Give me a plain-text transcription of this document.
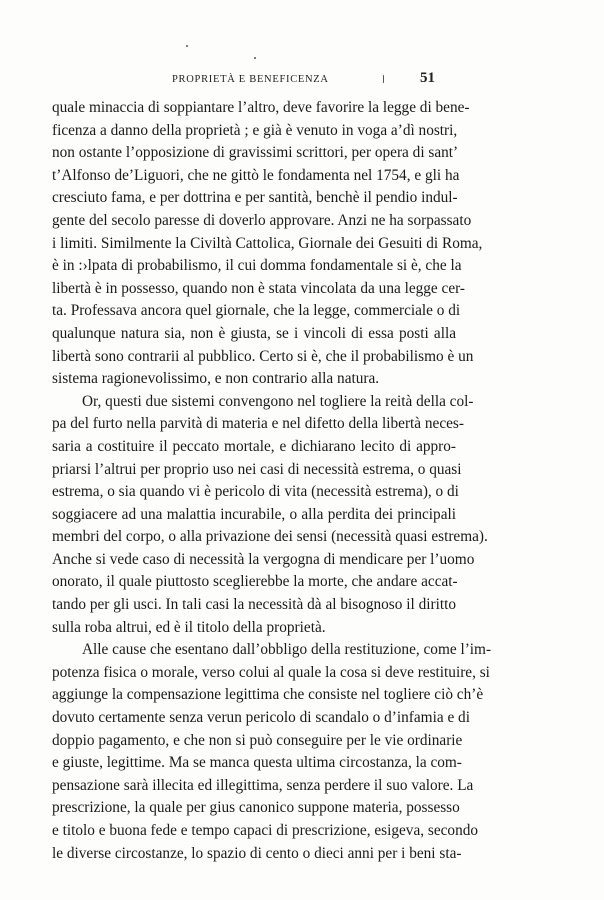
PROPRIETÀ E BENEFICENZA	51
quale minaccia di soppiantare l’altro, deve favorire la legge di bene-
ficenza a danno della proprietà ; e già è venuto in voga a’dì nostri,
non ostante l’opposizione di gravissimi scrittori, per opera di sant’
t’Alfonso de’Liguori, che ne gittò le fondamenta nel 1754, e gli ha
cresciuto fama, e per dottrina e per santità, benchè il pendio indul-
gente del secolo paresse di doverlo approvare. Anzi ne ha sorpassato
i limiti. Similmente la Civiltà Cattolica, Giornale dei Gesuiti di Roma,
è in :›lpata di probabilismo, il cui domma fondamentale si è, che la
libertà è in possesso, quando non è stata vincolata da una legge cer-
ta. Professava ancora quel giornale, che la legge, commerciale o di
qualunque natura sia, non è giusta, se i vincoli di essa posti alla
libertà sono contrarii al pubblico. Certo si è, che il probabilismo è un
sistema ragionevolissimo, e non contrario alla natura.
Or, questi due sistemi convengono nel togliere la reità della col-
pa del furto nella parvità di materia e nel difetto della libertà neces-
saria a costituire il peccato mortale, e dichiarano lecito di appro-
priarsi l’altrui per proprio uso nei casi di necessità estrema, o quasi
estrema, o sia quando vi è pericolo di vita (necessità estrema), o di
soggiacere ad una malattia incurabile, o alla perdita dei principali
membri del corpo, o alla privazione dei sensi (necessità quasi estrema).
Anche si vede caso di necessità la vergogna di mendicare per l’uomo
onorato, il quale piuttosto sceglierebbe la morte, che andare accat-
tando per gli usci. In tali casi la necessità dà al bisognoso il diritto
sulla roba altrui, ed è il titolo della proprietà.
Alle cause che esentano dall’obbligo della restituzione, come l’im-
potenza fisica o morale, verso colui al quale la cosa si deve restituire, si
aggiunge la compensazione legittima che consiste nel togliere ciò ch’è
dovuto certamente senza verun pericolo di scandalo o d’infamia e di
doppio pagamento, e che non si può conseguire per le vie ordinarie
e giuste, legittime. Ma se manca questa ultima circostanza, la com-
pensazione sarà illecita ed illegittima, senza perdere il suo valore. La
prescrizione, la quale per gius canonico suppone materia, possesso
e titolo e buona fede e tempo capaci di prescrizione, esigeva, secondo
le diverse circostanze, lo spazio di cento o dieci anni per i beni sta-
